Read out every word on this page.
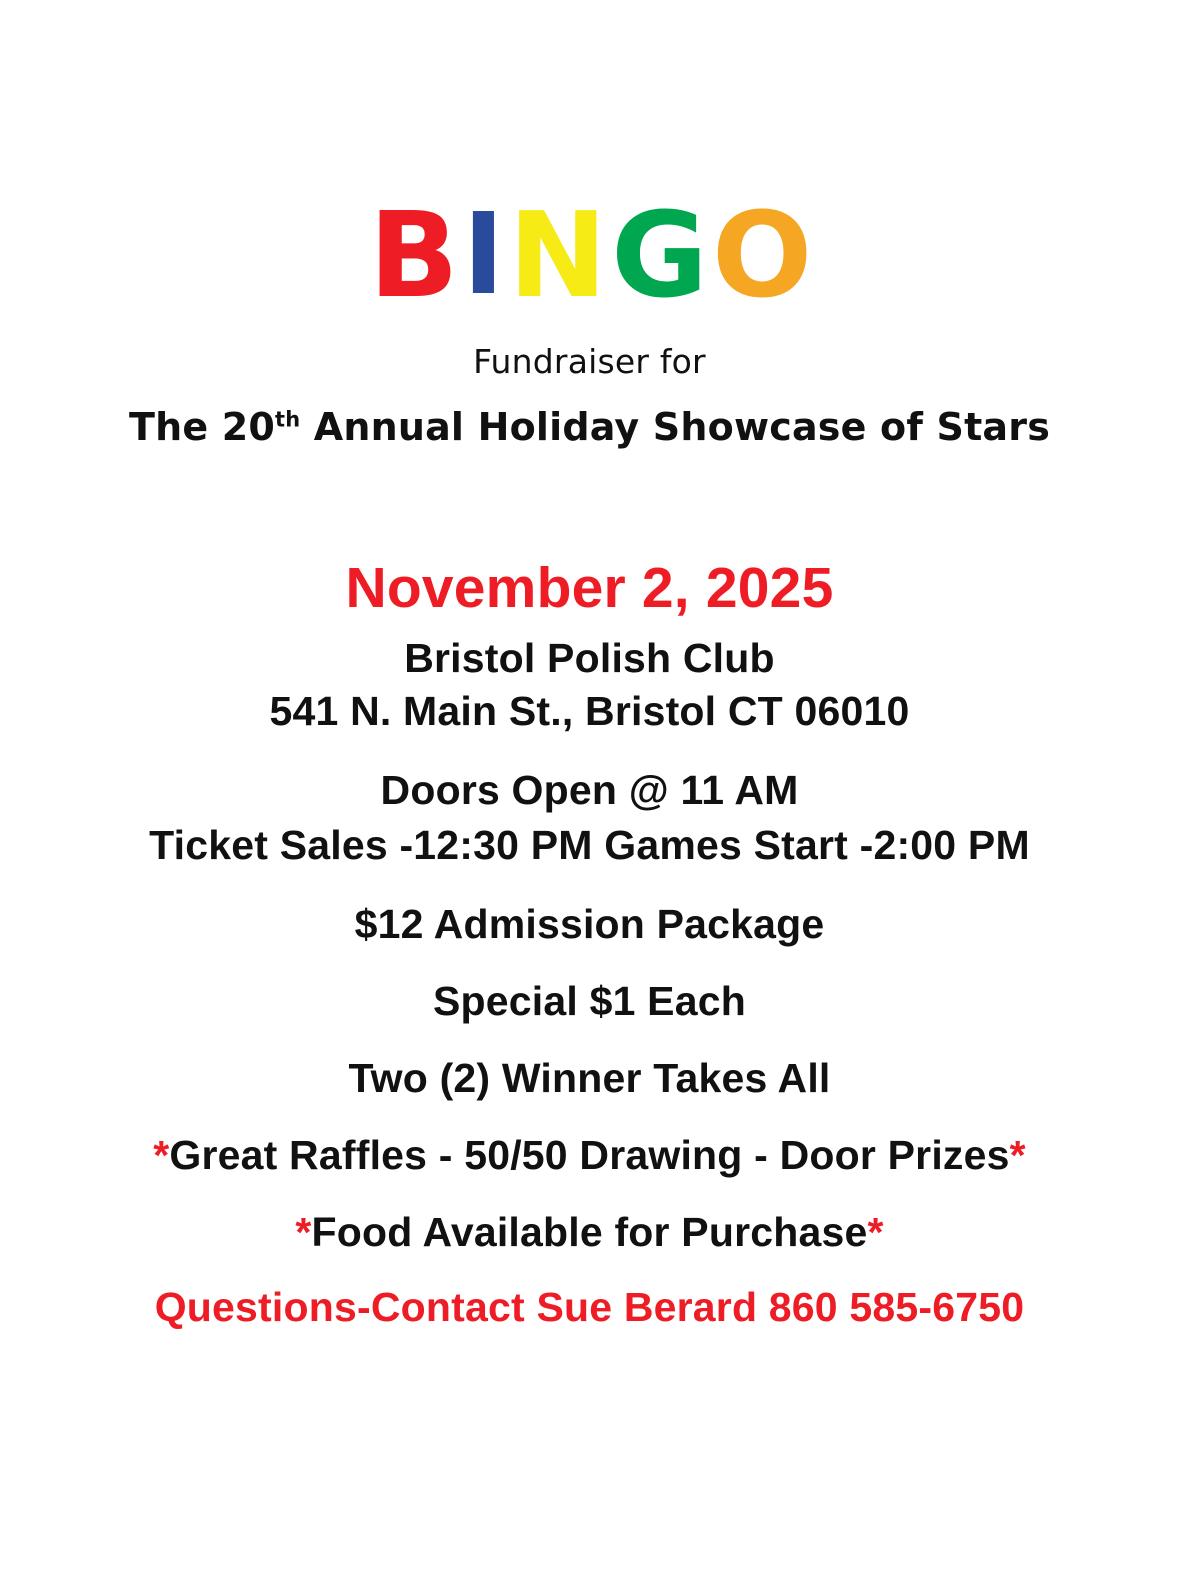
B I N G O
Fundraiser for
The 20th Annual Holiday Showcase of Stars
November 2, 2025
Bristol Polish Club
541 N. Main St., Bristol CT 06010
Doors Open @ 11 AM
Ticket Sales -12:30 PM Games Start -2:00 PM
$12 Admission Package
Special $1 Each
Two (2) Winner Takes All
*Great Raffles - 50/50 Drawing - Door Prizes*
*Food Available for Purchase*
Questions-Contact Sue Berard 860 585-6750
